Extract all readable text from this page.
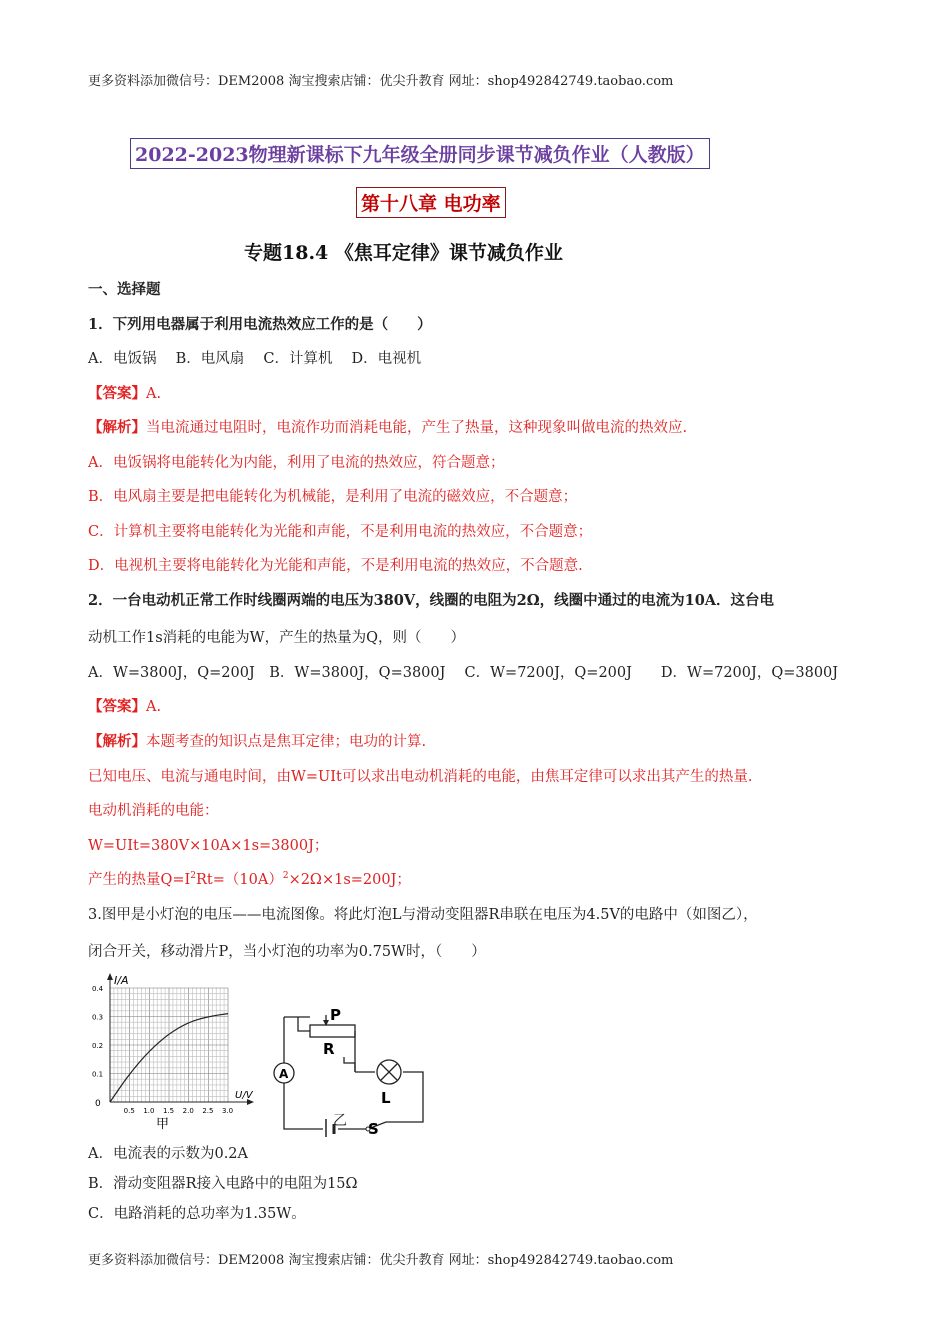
更多资料添加微信号：DEM2008 淘宝搜索店铺：优尖升教育 网址：shop492842749.taobao.com
2022-2023物理新课标下九年级全册同步课节减负作业（人教版）
第十八章 电功率
专题18.4 《焦耳定律》课节减负作业
一、选择题
1．下列用电器属于利用电流热效应工作的是（　　）
A．电饭锅　 B．电风扇　 C．计算机　 D．电视机
【答案】A.
【解析】当电流通过电阻时，电流作功而消耗电能，产生了热量，这种现象叫做电流的热效应.
A．电饭锅将电能转化为内能，利用了电流的热效应，符合题意；
B．电风扇主要是把电能转化为机械能，是利用了电流的磁效应，不合题意；
C．计算机主要将电能转化为光能和声能，不是利用电流的热效应，不合题意；
D．电视机主要将电能转化为光能和声能，不是利用电流的热效应，不合题意.
2．一台电动机正常工作时线圈两端的电压为380V，线圈的电阻为2Ω，线圈中通过的电流为10A．这台电
动机工作1s消耗的电能为W，产生的热量为Q，则（　　）
A．W=3800J，Q=200J　B．W=3800J，Q=3800J　 C．W=7200J，Q=200J　　D．W=7200J，Q=3800J
【答案】A.
【解析】本题考查的知识点是焦耳定律；电功的计算.
已知电压、电流与通电时间，由W=UIt可以求出电动机消耗的电能，由焦耳定律可以求出其产生的热量.
电动机消耗的电能：
W=UIt=380V×10A×1s=3800J；
产生的热量$Q=I^2Rt=(10A)^2\times 2\Omega\times 1s=200J$；
3.图甲是小灯泡的电压——电流图像。将此灯泡L与滑动变阻器R串联在电压为4.5V的电路中（如图乙），
闭合开关，移动滑片P，当小灯泡的功率为0.75W时，（　　）
I/A
U/V
0
0.1
0.2
0.3
0.4
0.5 1.0 1.5 2.0 2.5 3.0
甲
P
R
L
A
S
乙
A．电流表的示数为0.2A
B．滑动变阻器R接入电路中的电阻为15Ω
C．电路消耗的总功率为1.35W。
更多资料添加微信号：DEM2008 淘宝搜索店铺：优尖升教育 网址：shop492842749.taobao.com
